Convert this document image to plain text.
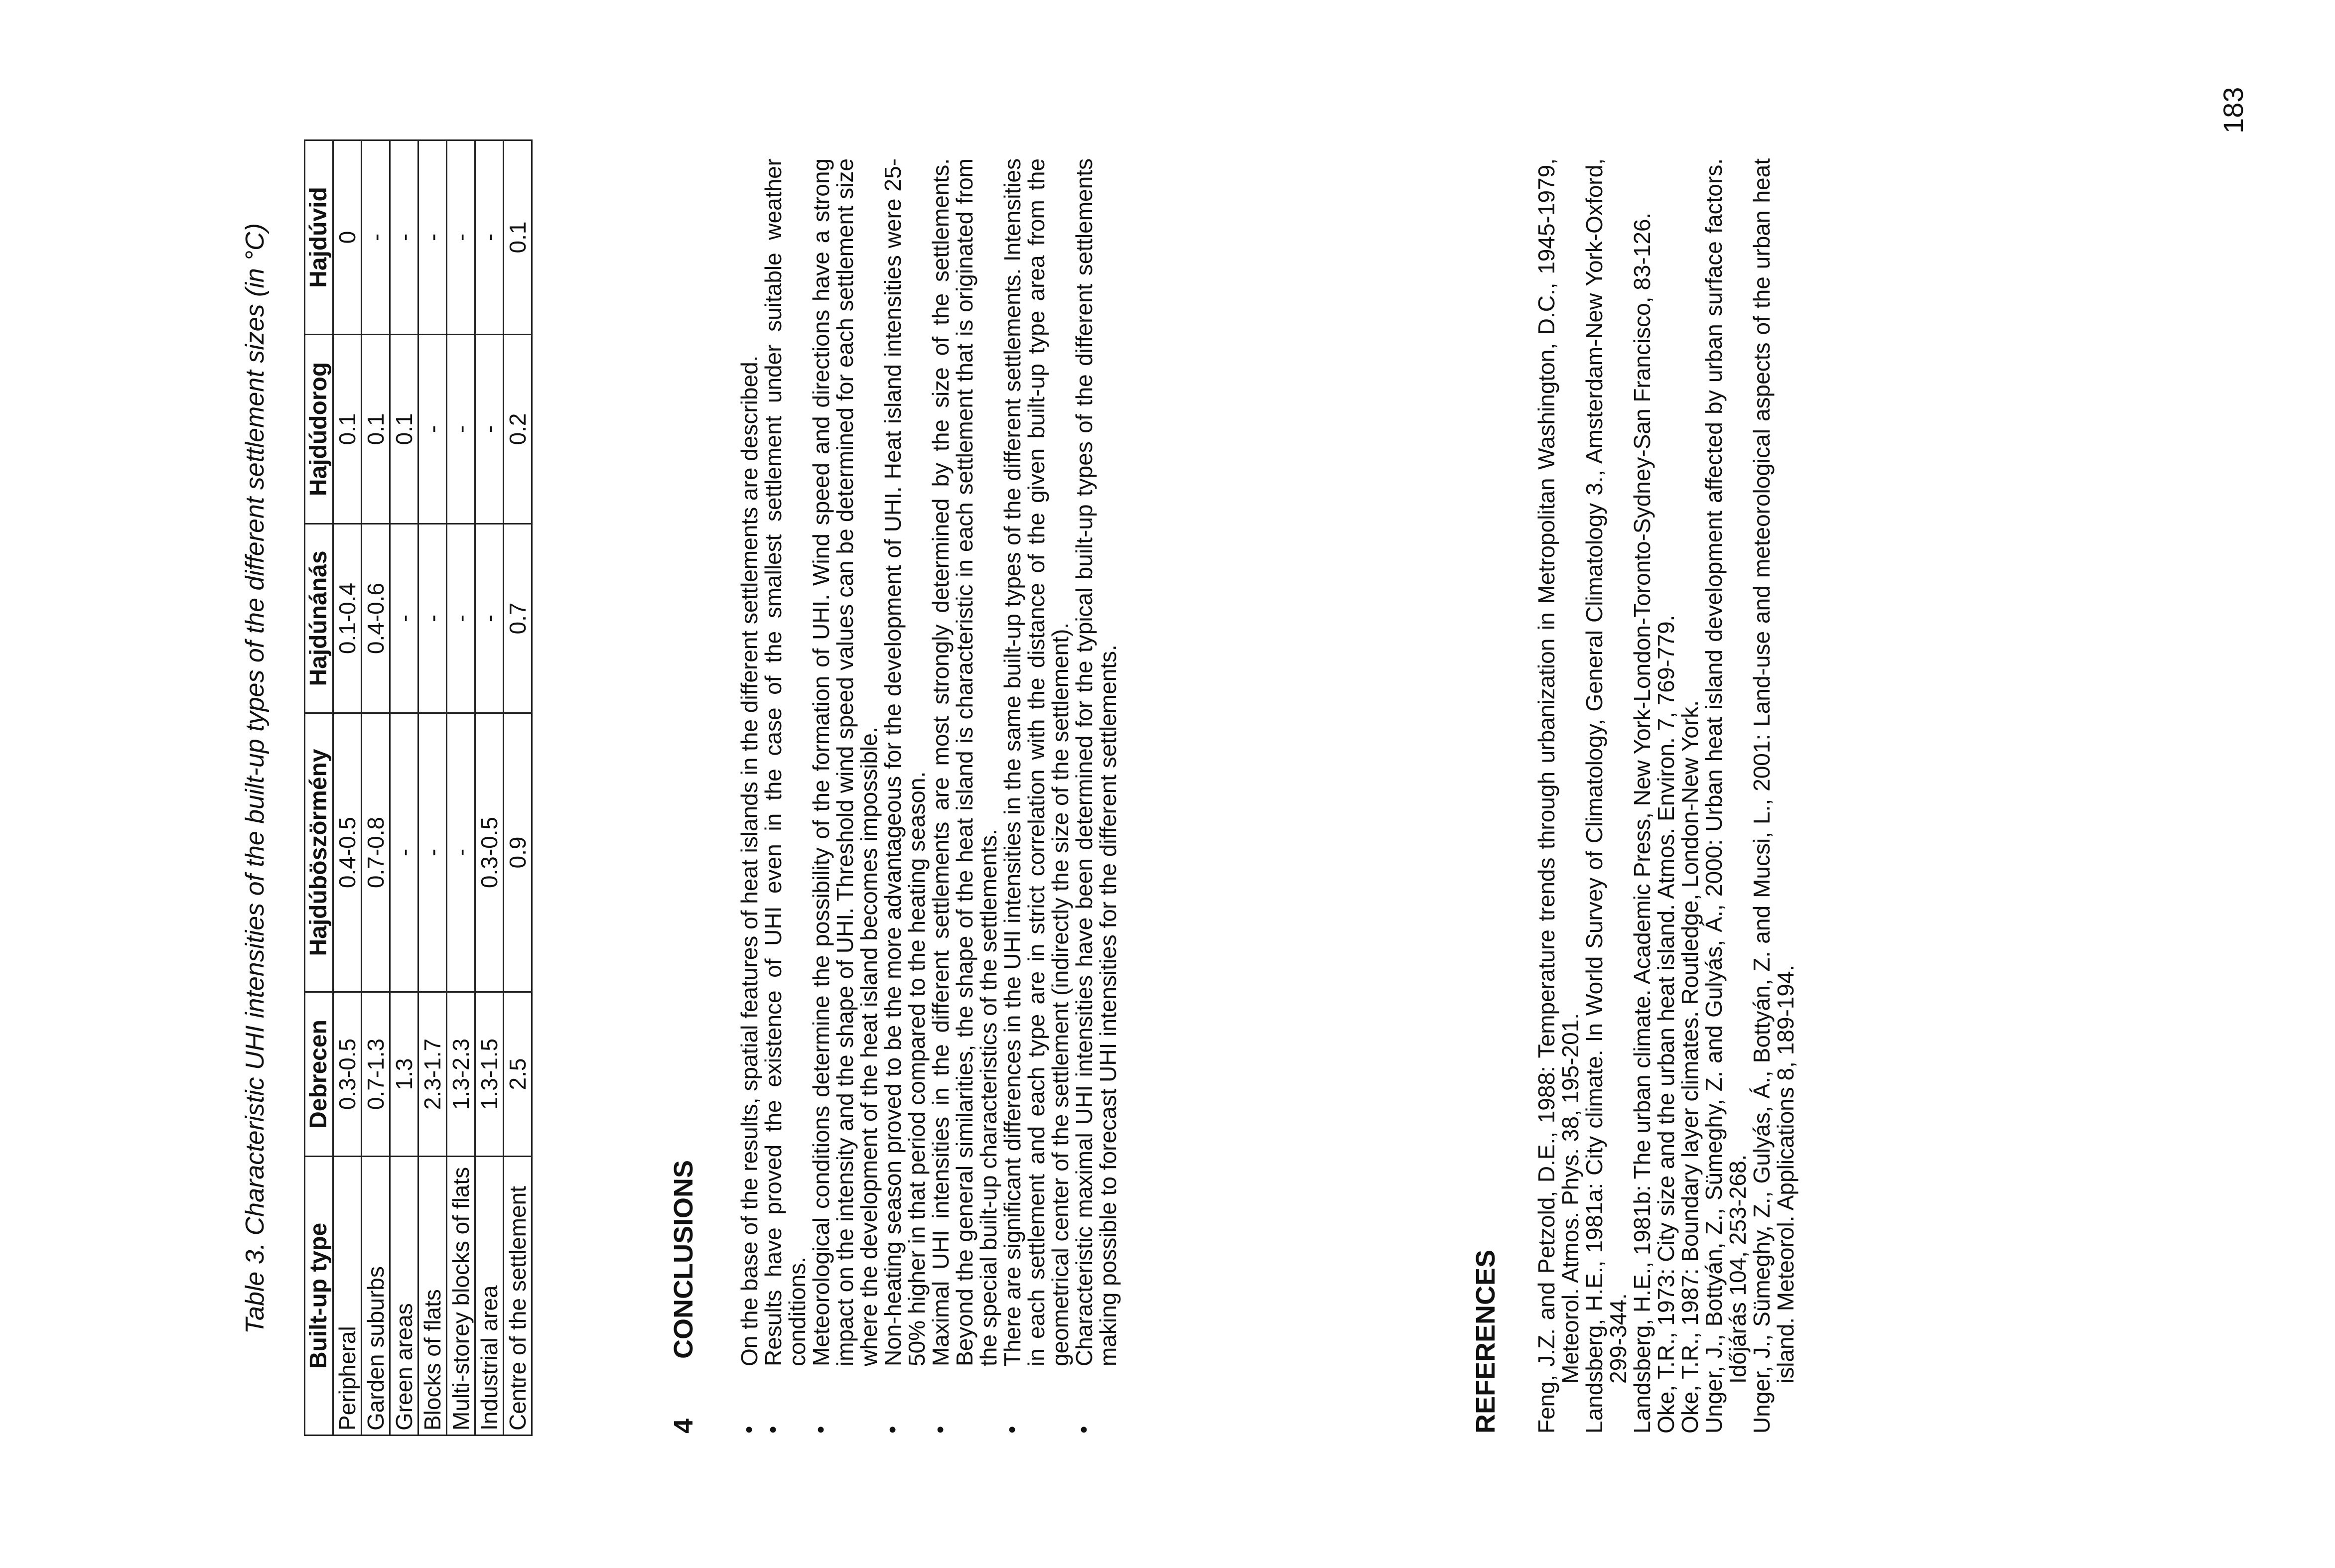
Table 3. Characteristic UHI intensities of the built-up types of the different settlement sizes (in °C) Built-up type	Debrecen	Hajdúböszörmény	Hajdúnánás	Hajdúdorog	Hajdúvid
Peripheral	0.3-0.5	0.4-0.5	0.1-0.4	0.1	0
Garden suburbs	0.7-1.3	0.7-0.8	0.4-0.6	0.1	-
Green areas	1.3	-	-	0.1	-
Blocks of flats	2.3-1.7	-	-	-	-
Multi-storey blocks of flats	1.3-2.3	-	-	-	-
Industrial area	1.3-1.5	0.3-0.5	-	-	-
Centre of the settlement	2.5	0.9	0.7	0.2	0.1
4CONCLUSIONS
•
On the base of the results, spatial features of heat islands in the different settlements are described.
•
Results have proved the existence of UHI even in the case of the smallest settlement under suitable weather conditions.
•
Meteorological conditions determine the possibility of the formation of UHI. Wind speed and directions have a strong impact on the intensity and the shape of UHI. Threshold wind speed values can be determined for each settlement size where the development of the heat island becomes impossible.
•
Non-heating season proved to be the more advantageous for the development of UHI. Heat island intensities were 25-50% higher in that period compared to the heating season.
•
Maximal UHI intensities in the different settlements are most strongly determined by the size of the settlements. Beyond the general similarities, the shape of the heat island is characteristic in each settlement that is originated from the special built-up characteristics of the settlements.
•
There are significant differences in the UHI intensities in the same built-up types of the different settlements. Intensities in each settlement and each type are in strict correlation with the distance of the given built-up type area from the geometrical center of the settlement (indirectly the size of the settlement).
•
Characteristic maximal UHI intensities have been determined for the typical built-up types of the different settlements making possible to forecast UHI intensities for the different settlements.	REFERENCES Feng, J.Z. and Petzold, D.E., 1988: Temperature trends through urbanization in Metropolitan Washington, D.C., 1945-1979, Meteorol. Atmos. Phys. 38, 195-201.
Landsberg, H.E., 1981a: City climate. In World Survey of Climatology, General Climatology 3., Amsterdam-New York-Oxford, 299-344.
Landsberg, H.E., 1981b: The urban climate. Academic Press, New York-London-Toronto-Sydney-San Francisco, 83-126.
Oke, T.R., 1973: City size and the urban heat island. Atmos. Environ. 7, 769-779.
Oke, T.R., 1987: Boundary layer climates. Routledge, London-New York.
Unger, J., Bottyán, Z., Sümeghy, Z. and Gulyás, Á., 2000: Urban heat island development affected by urban surface factors. Időjárás 104, 253-268.
Unger, J., Sümeghy, Z., Gulyás, Á., Bottyán, Z. and Mucsi, L., 2001: Land-use and meteorological aspects of the urban heat island. Meteorol. Applications 8, 189-194.
183
